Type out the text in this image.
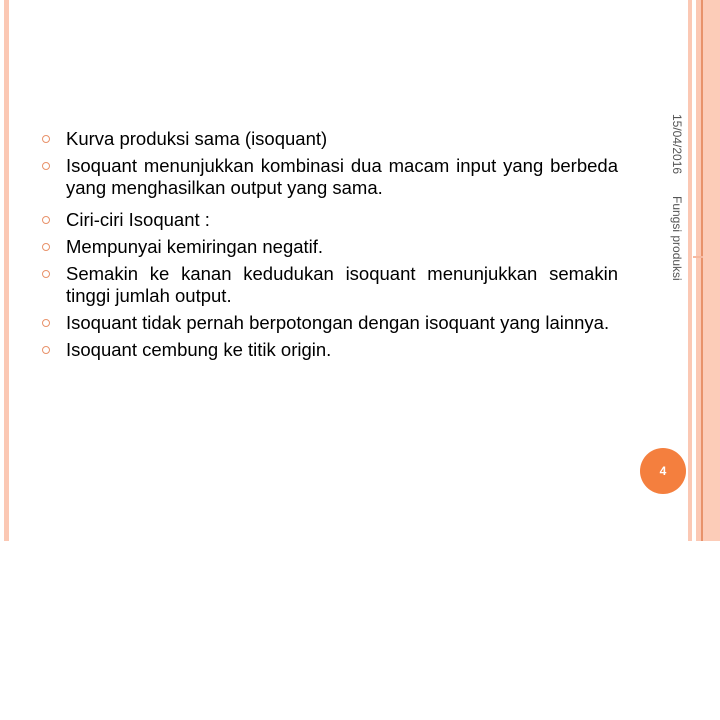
15/04/2016Fungsi produksi
Kurva produksi sama (isoquant)
Isoquant menunjukkan kombinasi dua macam input yang berbeda yang menghasilkan output yang sama.
Ciri-ciri Isoquant :
Mempunyai kemiringan negatif.
Semakin ke kanan kedudukan isoquant menunjukkan semakin tinggi jumlah output.
Isoquant tidak pernah berpotongan dengan isoquant yang lainnya.
Isoquant cembung ke titik origin.
4
